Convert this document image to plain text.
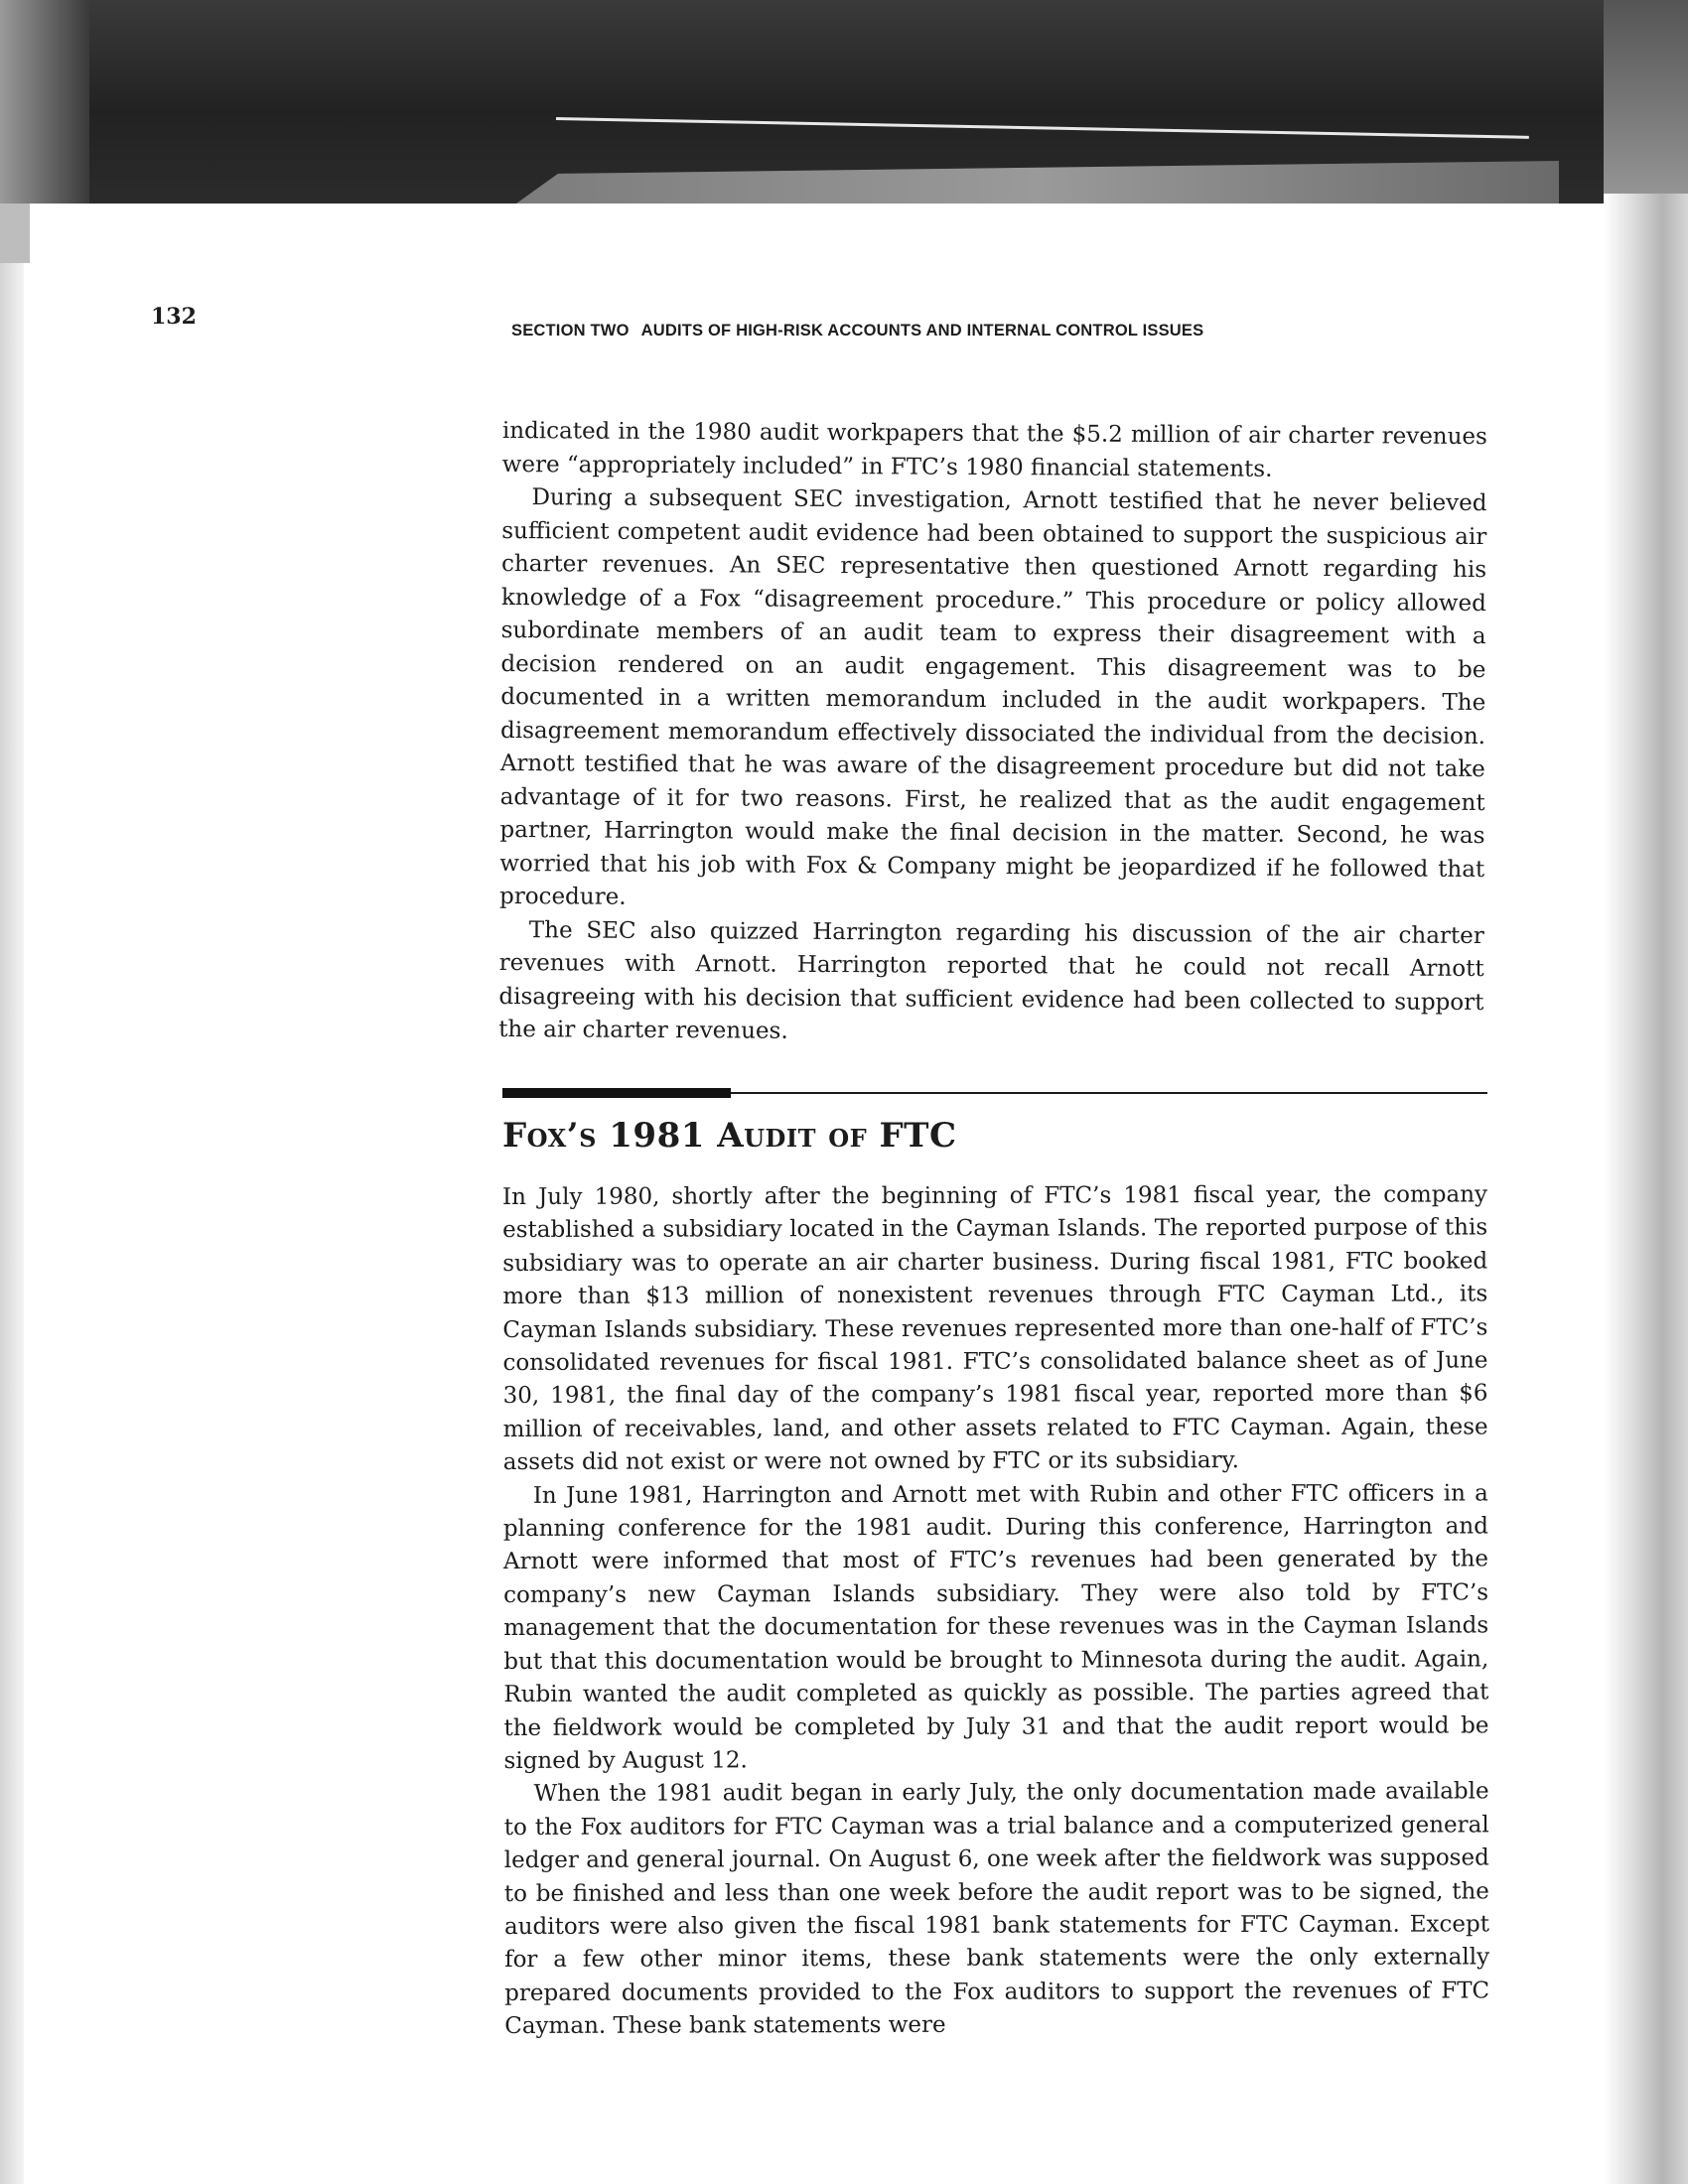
132
SECTION TWO AUDITS OF HIGH-RISK ACCOUNTS AND INTERNAL CONTROL ISSUES

indicated in the 1980 audit workpapers that the $5.2 million of air charter revenues were “appropriately included” in FTC’s 1980 financial statements.

During a subsequent SEC investigation, Arnott testified that he never believed sufficient competent audit evidence had been obtained to support the suspicious air charter revenues. An SEC representative then questioned Arnott regarding his knowledge of a Fox “disagreement procedure.” This procedure or policy allowed subordinate members of an audit team to express their disagreement with a decision rendered on an audit engagement. This disagreement was to be documented in a written memorandum included in the audit workpapers. The disagreement memorandum effectively dissociated the individual from the decision. Arnott testified that he was aware of the disagreement procedure but did not take advantage of it for two reasons. First, he realized that as the audit engagement partner, Harrington would make the final decision in the matter. Second, he was worried that his job with Fox & Company might be jeopardized if he followed that procedure.

The SEC also quizzed Harrington regarding his discussion of the air charter revenues with Arnott. Harrington reported that he could not recall Arnott disagreeing with his decision that sufficient evidence had been collected to support the air charter revenues.

Fox’s 1981 Audit of FTC

In July 1980, shortly after the beginning of FTC’s 1981 fiscal year, the company established a subsidiary located in the Cayman Islands. The reported purpose of this subsidiary was to operate an air charter business. During fiscal 1981, FTC booked more than $13 million of nonexistent revenues through FTC Cayman Ltd., its Cayman Islands subsidiary. These revenues represented more than one-half of FTC’s consolidated revenues for fiscal 1981. FTC’s consolidated balance sheet as of June 30, 1981, the final day of the company’s 1981 fiscal year, reported more than $6 million of receivables, land, and other assets related to FTC Cayman. Again, these assets did not exist or were not owned by FTC or its subsidiary.

In June 1981, Harrington and Arnott met with Rubin and other FTC officers in a planning conference for the 1981 audit. During this conference, Harrington and Arnott were informed that most of FTC’s revenues had been generated by the company’s new Cayman Islands subsidiary. They were also told by FTC’s management that the documentation for these revenues was in the Cayman Islands but that this documentation would be brought to Minnesota during the audit. Again, Rubin wanted the audit completed as quickly as possible. The parties agreed that the fieldwork would be completed by July 31 and that the audit report would be signed by August 12.

When the 1981 audit began in early July, the only documentation made available to the Fox auditors for FTC Cayman was a trial balance and a computerized general ledger and general journal. On August 6, one week after the fieldwork was supposed to be finished and less than one week before the audit report was to be signed, the auditors were also given the fiscal 1981 bank statements for FTC Cayman. Except for a few other minor items, these bank statements were the only externally prepared documents provided to the Fox auditors to support the revenues of FTC Cayman. These bank statements were
